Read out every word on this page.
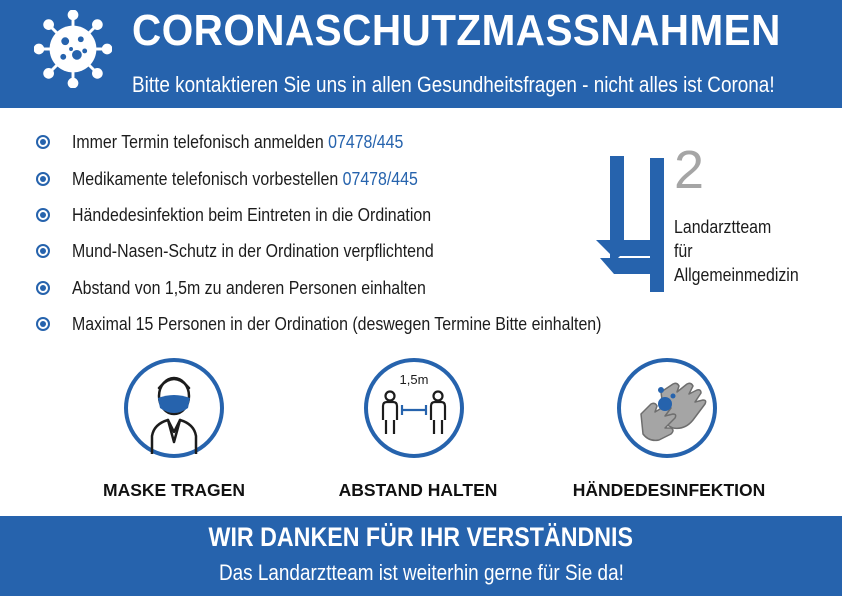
CORONASCHUTZMASSNAHMEN
Bitte kontaktieren Sie uns in allen Gesundheitsfragen - nicht alles ist Corona!
Immer Termin telefonisch anmelden 07478/445
Medikamente telefonisch vorbestellen 07478/445
Händedesinfektion beim Eintreten in die Ordination
Mund-Nasen-Schutz in der Ordination verpflichtend
Abstand von 1,5m zu anderen Personen einhalten
Maximal 15 Personen in der Ordination (deswegen Termine Bitte einhalten)
2
Landarztteam
für
Allgemeinmedizin
1,5m
MASKE TRAGEN	ABSTAND HALTEN	HÄNDEDESINFEKTION
WIR DANKEN FÜR IHR VERSTÄNDNIS
Das Landarztteam ist weiterhin gerne für Sie da!
